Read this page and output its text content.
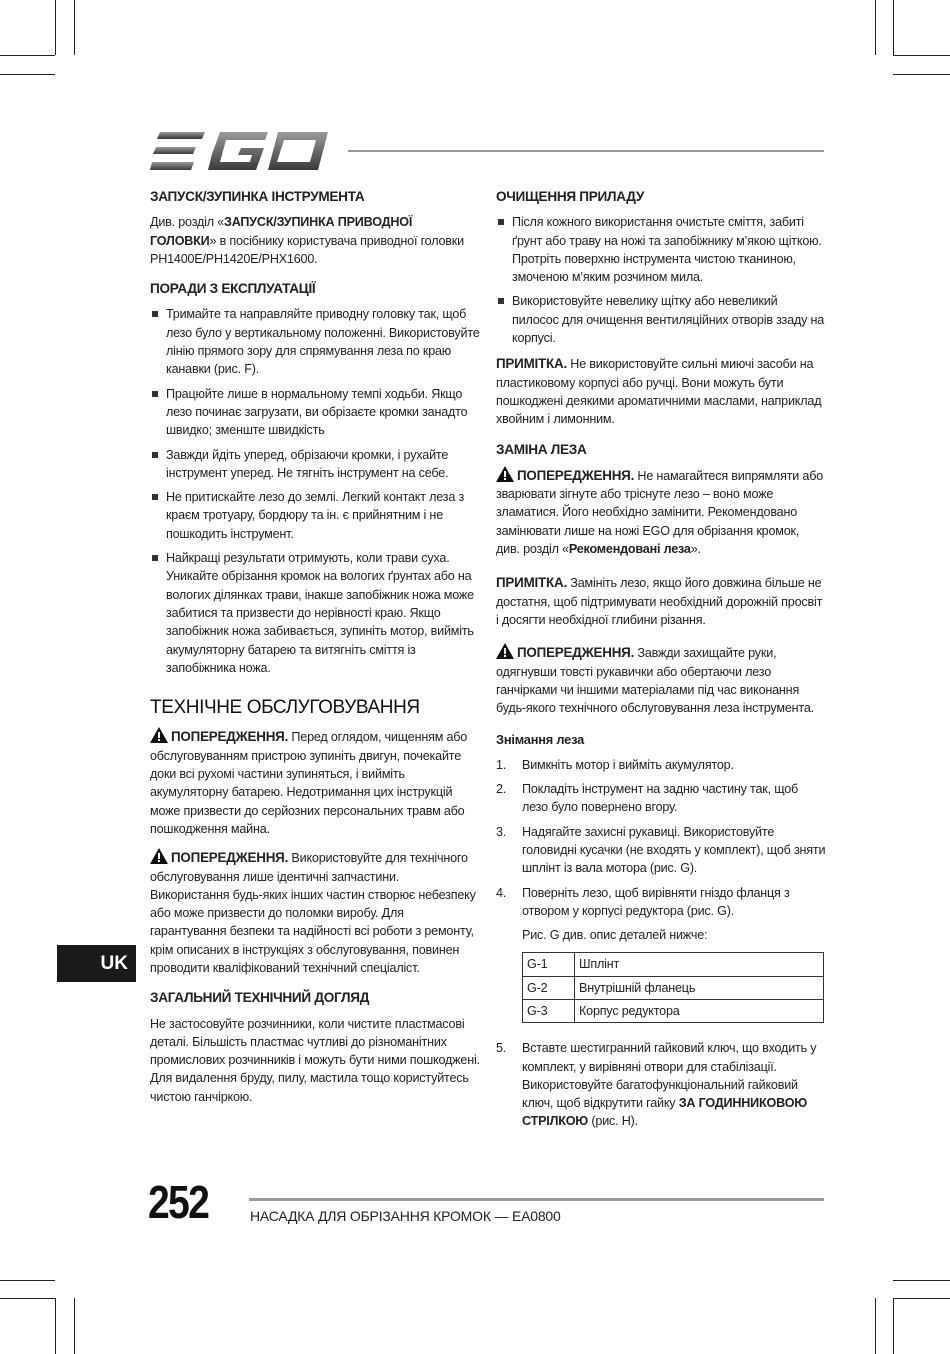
ЗАПУСК/ЗУПИНКА ІНСТРУМЕНТА

Див. розділ «ЗАПУСК/ЗУПИНКА ПРИВОДНОЇ ГОЛОВКИ» в посібнику користувача приводної головки PH1400E/PH1420E/PHX1600.

ПОРАДИ З ЕКСПЛУАТАЦІЇ
Тримайте та направляйте приводну головку так, щоб лезо було у вертикальному положенні. Використовуйте лінію прямого зору для спрямування леза по краю канавки (рис. F).
Працюйте лише в нормальному темпі ходьби. Якщо лезо починає загрузати, ви обрізаєте кромки занадто швидко; зменште швидкість
Завжди йдіть уперед, обрізаючи кромки, і рухайте інструмент уперед. Не тягніть інструмент на себе.
Не притискайте лезо до землі. Легкий контакт леза з краєм тротуару, бордюру та ін. є прийнятним і не пошкодить інструмент.
Найкращі результати отримують, коли трави суха. Уникайте обрізання кромок на вологих ґрунтах або на вологих ділянках трави, інакше запобіжник ножа може забитися та призвести до нерівності краю. Якщо запобіжник ножа забивається, зупиніть мотор, вийміть акумуляторну батарею та витягніть сміття із запобіжника ножа.
ТЕХНІЧНЕ ОБСЛУГОВУВАННЯ

ПОПЕРЕДЖЕННЯ. Перед оглядом, чищенням або обслуговуванням пристрою зупиніть двигун, почекайте доки всі рухомі частини зупиняться, і вийміть акумуляторну батарею. Недотримання цих інструкцій може призвести до серйозних персональних травм або пошкодження майна.

ПОПЕРЕДЖЕННЯ. Використовуйте для технічного обслуговування лише ідентичні запчастини. Використання будь-яких інших частин створює небезпеку або може призвести до поломки виробу. Для гарантування безпеки та надійності всі роботи з ремонту, крім описаних в інструкціях з обслуговування, повинен проводити кваліфікований технічний спеціаліст.

ЗАГАЛЬНИЙ ТЕХНІЧНИЙ ДОГЛЯД

Не застосовуйте розчинники, коли чистите пластмасові деталі. Більшість пластмас чутливі до різноманітних промислових розчинників і можуть бути ними пошкоджені. Для видалення бруду, пилу, мастила тощо користуйтесь чистою ганчіркою.

ОЧИЩЕННЯ ПРИЛАДУ
Після кожного використання очистьте сміття, забиті ґрунт або траву на ножі та запобіжнику м’якою щіткою. Протріть поверхню інструмента чистою тканиною, змоченою м’яким розчином мила.
Використовуйте невелику щітку або невеликий пилосос для очищення вентиляційних отворів ззаду на корпусі.

ПРИМІТКА. Не використовуйте сильні миючі засоби на пластиковому корпусі або ручці. Вони можуть бути пошкоджені деякими ароматичними маслами, наприклад хвойним і лимонним.

ЗАМІНА ЛЕЗА

ПОПЕРЕДЖЕННЯ. Не намагайтеся випрямляти або зварювати зігнуте або тріснуте лезо – воно може зламатися. Його необхідно замінити. Рекомендовано замінювати лише на ножі EGO для обрізання кромок, див. розділ «Рекомендовані леза».

ПРИМІТКА. Замініть лезо, якщо його довжина більше не достатня, щоб підтримувати необхідний дорожній просвіт і досягти необхідної глибини різання.

ПОПЕРЕДЖЕННЯ. Завжди захищайте руки, одягнувши товсті рукавички або обертаючи лезо ганчірками чи іншими матеріалами під час виконання будь-якого технічного обслуговування леза інструмента.

Знімання леза
1. Вимкніть мотор і вийміть акумулятор.
2. Покладіть інструмент на задню частину так, щоб лезо було повернено вгору.
3. Надягайте захисні рукавиці. Використовуйте головидні кусачки (не входять у комплект), щоб зняти шплінт із вала мотора (рис. G).
4. Поверніть лезо, щоб вирівняти гніздо фланця з отвором у корпусі редуктора (рис. G).

Рис. G див. опис деталей нижче:

G-1	Шплінт
G-2	Внутрішній фланець
G-3	Корпус редуктора
5. Вставте шестигранний гайковий ключ, що входить у комплект, у вирівняні отвори для стабілізації. Використовуйте багатофункціональний гайковий ключ, щоб відкрутити гайку ЗА ГОДИННИКОВОЮ СТРІЛКОЮ (рис. H).
UK
252	НАСАДКА ДЛЯ ОБРІЗАННЯ КРОМОК — EA0800
